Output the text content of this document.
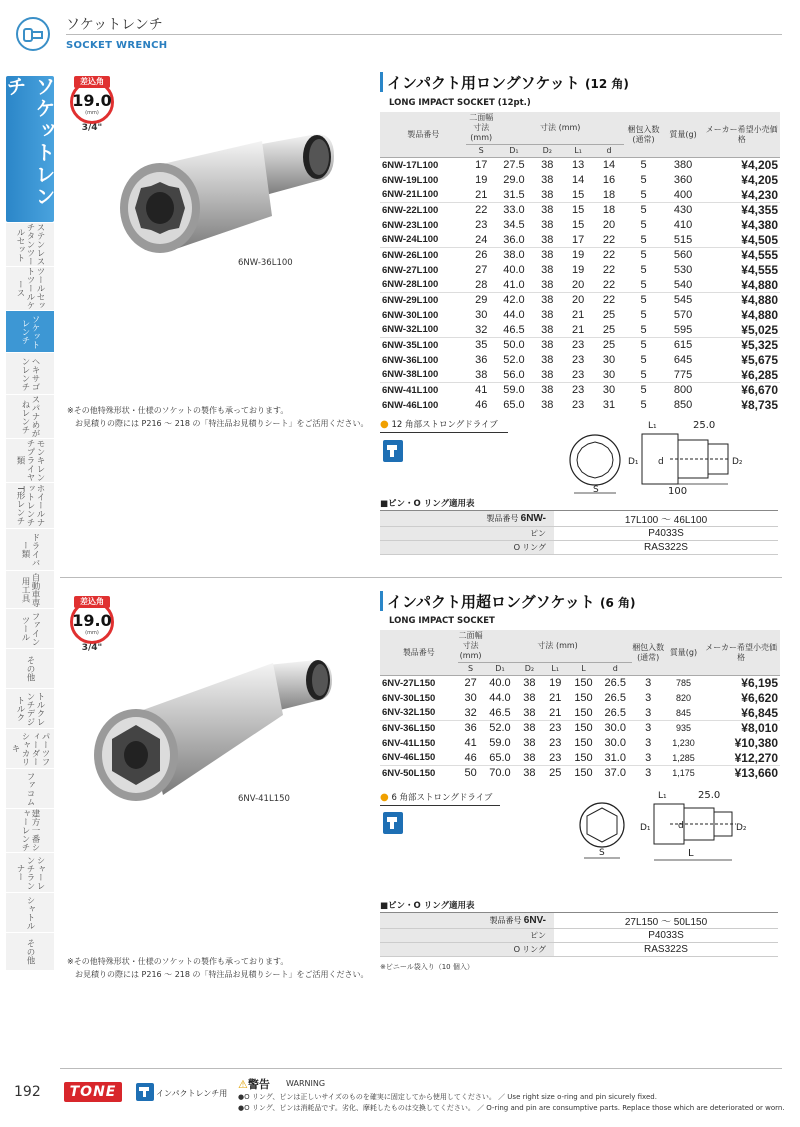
ソケットレンチ
SOCKET WRENCH
ソケットレンチ
ステンレスチタンツールセット
ツールセットツールケース
ソケットレンチ
ヘキサゴンレンチ
スパナめがねレンチ
モンキレンチプライヤ類
ホイールナットレンチ T形レンチ
ドライバー類
自動車専用工具
ファインツール
その他
トルクレンチデジトルク
パーツフィーダーシャカリキ
ファコム
建方一番シャーレンチ
シャーレンチランナー
シャトル
その他
差込角
19.0
(mm)
3/4"
6NW-36L100
※その他特殊形状・仕様のソケットの製作も承っております。
お見積りの際には P216 ～ 218 の「特注品お見積りシート」をご活用ください。
インパクト用ロングソケット (12 角)
LONG IMPACT SOCKET (12pt.)
製品番号	二面幅寸法(mm)	寸法 (mm)				梱包入数(通常)	質量(g)	メーカー希望小売価格
	S	D₁	D₂	L₁	d			
6NW-17L100	17	27.5	38	13	14	5	380	¥4,205
6NW-19L100	19	29.0	38	14	16	5	360	¥4,205
6NW-21L100	21	31.5	38	15	18	5	400	¥4,230
6NW-22L100	22	33.0	38	15	18	5	430	¥4,355
6NW-23L100	23	34.5	38	15	20	5	410	¥4,380
6NW-24L100	24	36.0	38	17	22	5	515	¥4,505
6NW-26L100	26	38.0	38	19	22	5	560	¥4,555
6NW-27L100	27	40.0	38	19	22	5	530	¥4,555
6NW-28L100	28	41.0	38	20	22	5	540	¥4,880
6NW-29L100	29	42.0	38	20	22	5	545	¥4,880
6NW-30L100	30	44.0	38	21	25	5	570	¥4,880
6NW-32L100	32	46.5	38	21	25	5	595	¥5,025
6NW-35L100	35	50.0	38	23	25	5	615	¥5,325
6NW-36L100	36	52.0	38	23	30	5	645	¥5,675
6NW-38L100	38	56.0	38	23	30	5	775	¥6,285
6NW-41L100	41	59.0	38	23	30	5	800	¥6,670
6NW-46L100	46	65.0	38	23	31	5	850	¥8,735
● 12 角部ストロングドライブ
S
L₁	25.0
D₁ d	D₂
100
■ピン・O リング適用表
製品番号 6NW-	17L100 ～ 46L100
ピン	P4033S
O リング	RAS322S
差込角
19.0
(mm)
3/4"
6NV-41L150
※その他特殊形状・仕様のソケットの製作も承っております。
お見積りの際には P216 ～ 218 の「特注品お見積りシート」をご活用ください。
インパクト用超ロングソケット (6 角)
LONG IMPACT SOCKET
製品番号	二面幅寸法(mm)	寸法 (mm)					梱包入数(通常)	質量(g)	メーカー希望小売価格
	S	D₁	D₂	L₁	L	d			
6NV-27L150	27	40.0	38	19	150	26.5	3	785	¥6,195
6NV-30L150	30	44.0	38	21	150	26.5	3	820	¥6,620
6NV-32L150	32	46.5	38	21	150	26.5	3	845	¥6,845
6NV-36L150	36	52.0	38	23	150	30.0	3	935	¥8,010
6NV-41L150	41	59.0	38	23	150	30.0	3	1,230	¥10,380
6NV-46L150	46	65.0	38	23	150	31.0	3	1,285	¥12,270
6NV-50L150	50	70.0	38	25	150	37.0	3	1,175	¥13,660
● 6 角部ストロングドライブ
S
L₁	25.0
D₁	d	D₂
L
■ピン・O リング適用表
製品番号 6NV-	27L150 ～ 50L150
ピン	P4033S
O リング	RAS322S
※ビニール袋入り（10 個入）
192	TONE	インパクトレンチ用
⚠警告 WARNING
●O リング、ピンは正しいサイズのものを確実に固定してから使用してください。 ／ Use right size o-ring and pin sicurely fixed.
●O リング、ピンは消耗品です。劣化、摩耗したものは交換してください。 ／ O-ring and pin are consumptive parts. Replace those which are deteriorated or worn.
